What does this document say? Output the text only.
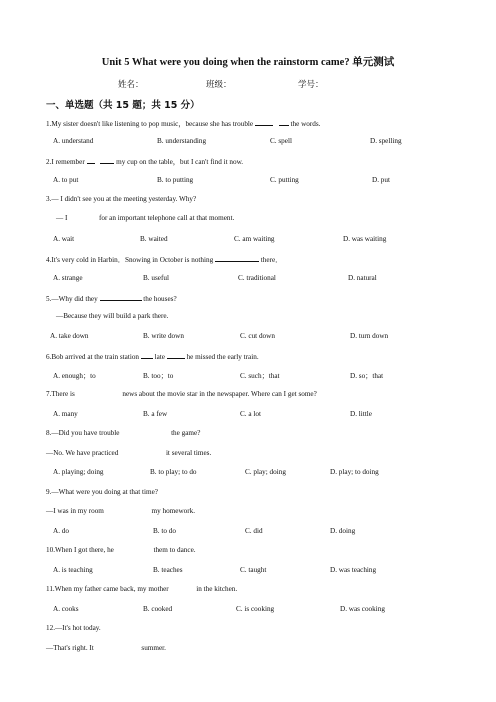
Unit 5 What were you doing when the rainstorm came? 单元测试
姓名：	班级：	学号：
一、单选题（共 15 题；共 15 分）
1.My sister doesn't like listening to pop music，because she has trouble	the words.
A. understand	B. understanding	C. spell	D. spelling
2.I remember	my cup on the table，but I can't find it now.
A. to put	B. to putting	C. putting	D. put
3.— I didn't see you at the meeting yesterday. Why?
— I	for an important telephone call at that moment.
A. wait	B. waited	C. am waiting	D. was waiting
4.It's very cold in Harbin．Snowing in October is nothing	there．
A. strange	B. useful	C. traditional	D. natural
5.—Why did they	the houses?
—Because they will build a park there.
A. take down	B. write down	C. cut down	D. turn down
6.Bob arrived at the train station late	he missed the early train.
A. enough；to	B. too；to	C. such；that	D. so；that
7.There is	news about the movie star in the newspaper. Where can I get some?
A. many	B. a few	C. a lot	D. little
8.—Did you have trouble	the game?
—No. We have practiced	it several times.
A. playing; doing	B. to play; to do	C. play; doing	D. play; to doing
9.—What were you doing at that time?
—I was in my room	my homework.
A. do	B. to do	C. did	D. doing
10.When I got there, he	them to dance.
A. is teaching	B. teaches	C. taught	D. was teaching
11.When my father came back, my mother	in the kitchen.
A. cooks	B. cooked	C. is cooking	D. was cooking
12.—It's hot today.
—That's right. It	summer.
